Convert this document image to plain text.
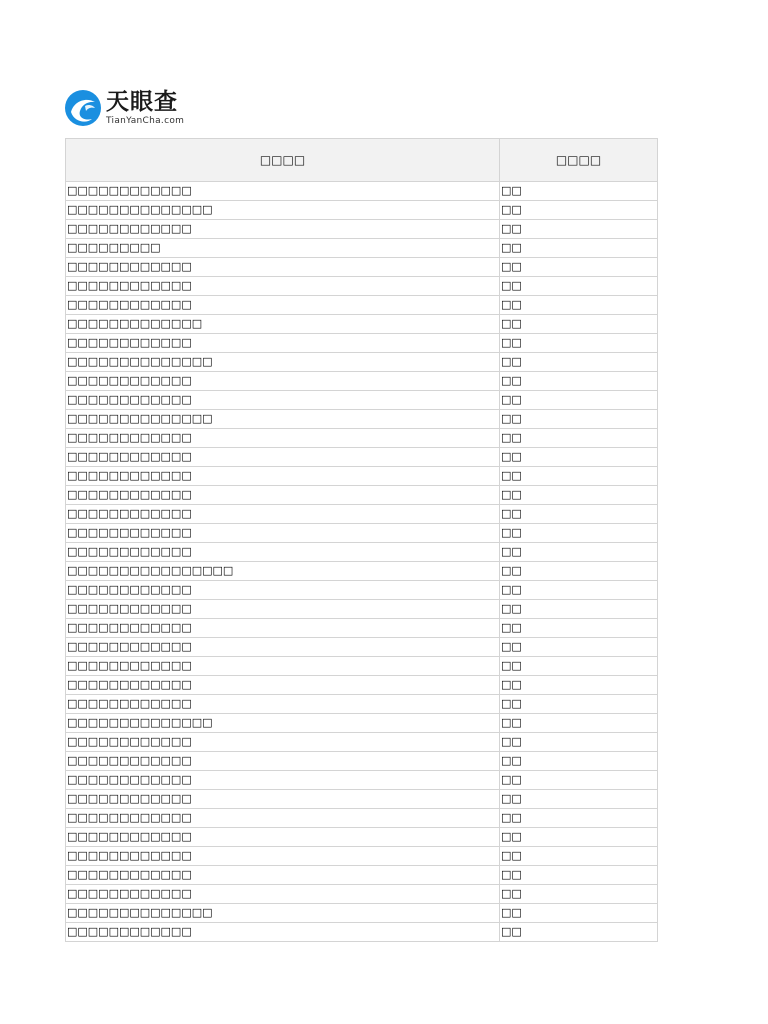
天眼查
TianYanCha.com
□□□□	□□□□
□□□□□□□□□□□□	□□
□□□□□□□□□□□□□□	□□
□□□□□□□□□□□□	□□
□□□□□□□□□	□□
□□□□□□□□□□□□	□□
□□□□□□□□□□□□	□□
□□□□□□□□□□□□	□□
□□□□□□□□□□□□□	□□
□□□□□□□□□□□□	□□
□□□□□□□□□□□□□□	□□
□□□□□□□□□□□□	□□
□□□□□□□□□□□□	□□
□□□□□□□□□□□□□□	□□
□□□□□□□□□□□□	□□
□□□□□□□□□□□□	□□
□□□□□□□□□□□□	□□
□□□□□□□□□□□□	□□
□□□□□□□□□□□□	□□
□□□□□□□□□□□□	□□
□□□□□□□□□□□□	□□
□□□□□□□□□□□□□□□□	□□
□□□□□□□□□□□□	□□
□□□□□□□□□□□□	□□
□□□□□□□□□□□□	□□
□□□□□□□□□□□□	□□
□□□□□□□□□□□□	□□
□□□□□□□□□□□□	□□
□□□□□□□□□□□□	□□
□□□□□□□□□□□□□□	□□
□□□□□□□□□□□□	□□
□□□□□□□□□□□□	□□
□□□□□□□□□□□□	□□
□□□□□□□□□□□□	□□
□□□□□□□□□□□□	□□
□□□□□□□□□□□□	□□
□□□□□□□□□□□□	□□
□□□□□□□□□□□□	□□
□□□□□□□□□□□□	□□
□□□□□□□□□□□□□□	□□
□□□□□□□□□□□□	□□
